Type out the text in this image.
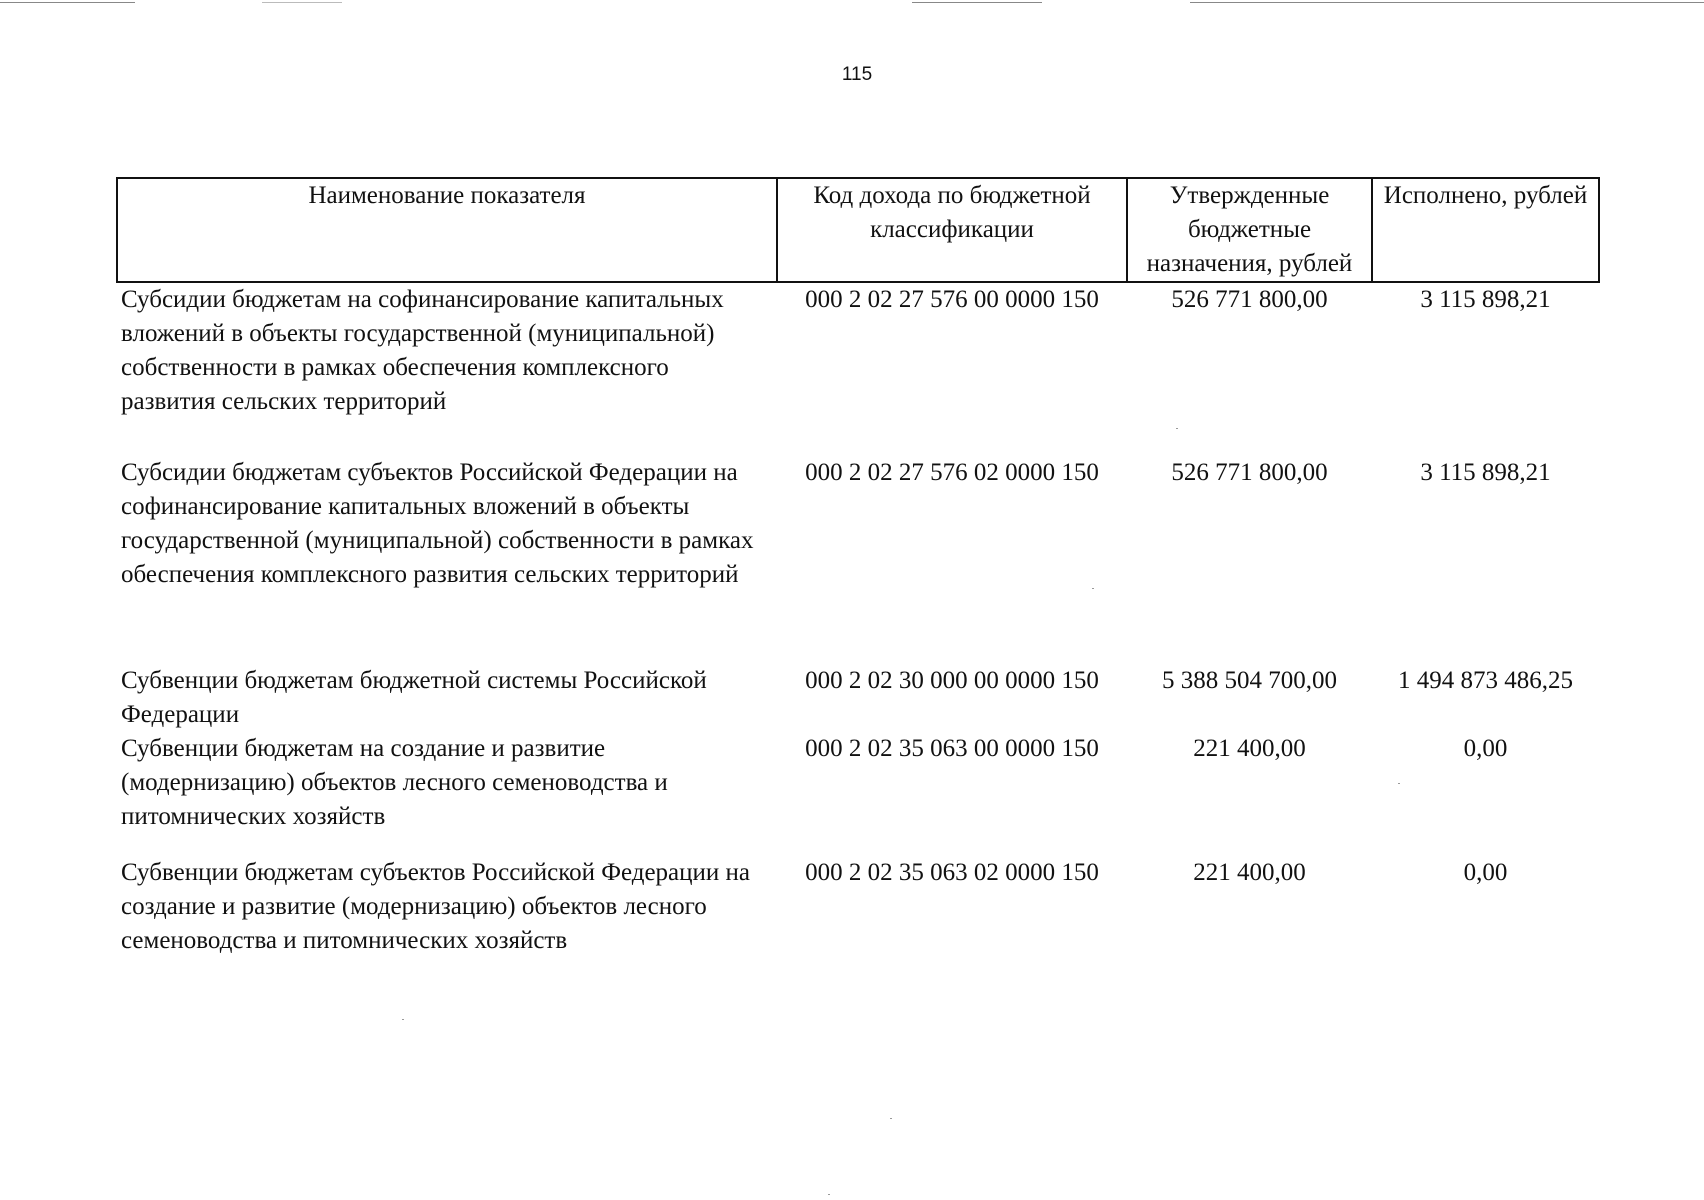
115
Наименование показателя	Код дохода по бюджетной классификации	Утвержденные бюджетные назначения, рублей	Исполнено, рублей
Субсидии бюджетам на софинансирование капитальных вложений в объекты государственной (муниципальной) собственности в рамках обеспечения комплексного развития сельских территорий	000 2 02 27 576 00 0000 150	526 771 800,00	3 115 898,21
Субсидии бюджетам субъектов Российской Федерации на софинансирование капитальных вложений в объекты государственной (муниципальной) собственности в рамках обеспечения комплексного развития сельских территорий	000 2 02 27 576 02 0000 150	526 771 800,00	3 115 898,21
Субвенции бюджетам бюджетной системы Российской Федерации	000 2 02 30 000 00 0000 150	5 388 504 700,00	1 494 873 486,25
Субвенции бюджетам на создание и развитие (модернизацию) объектов лесного семеноводства и питомнических хозяйств	000 2 02 35 063 00 0000 150	221 400,00	0,00
Субвенции бюджетам субъектов Российской Федерации на создание и развитие (модернизацию) объектов лесного семеноводства и питомнических хозяйств	000 2 02 35 063 02 0000 150	221 400,00	0,00
